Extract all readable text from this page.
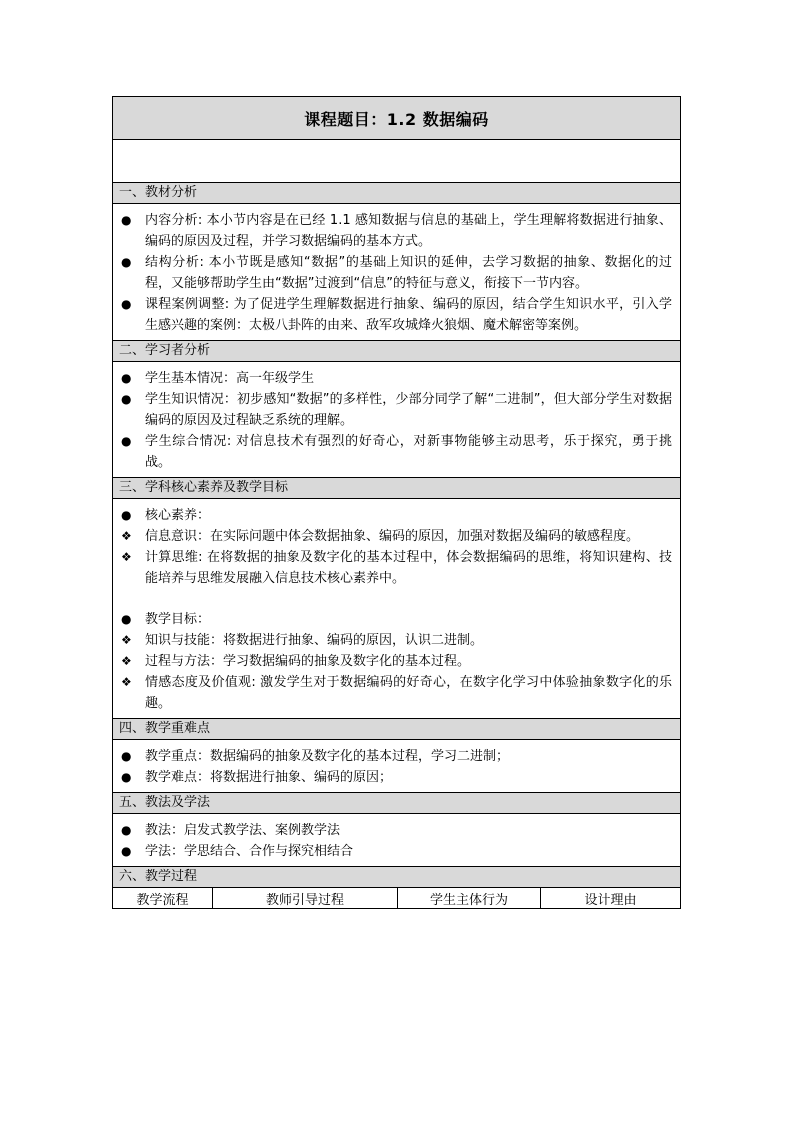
课程题目：1.2 数据编码
一、教材分析
●	内容分析: 本小节内容是在已经 1.1 感知数据与信息的基础上，学生理解将数据进行抽象、编码的原因及过程，并学习数据编码的基本方式。
●	结构分析: 本小节既是感知“数据”的基础上知识的延伸，去学习数据的抽象、数据化的过程，又能够帮助学生由“数据”过渡到“信息”的特征与意义，衔接下一节内容。
●	课程案例调整: 为了促进学生理解数据进行抽象、编码的原因，结合学生知识水平，引入学生感兴趣的案例：太极八卦阵的由来、敌军攻城烽火狼烟、魔术解密等案例。
二、学习者分析
●	学生基本情况：高一年级学生
●	学生知识情况：初步感知“数据”的多样性，少部分同学了解“二进制”，但大部分学生对数据编码的原因及过程缺乏系统的理解。
●	学生综合情况: 对信息技术有强烈的好奇心，对新事物能够主动思考，乐于探究，勇于挑战。
三、学科核心素养及教学目标
●	核心素养：
❖	信息意识：在实际问题中体会数据抽象、编码的原因，加强对数据及编码的敏感程度。
❖	计算思维: 在将数据的抽象及数字化的基本过程中，体会数据编码的思维，将知识建构、技能培养与思维发展融入信息技术核心素养中。
●	教学目标：
❖	知识与技能：将数据进行抽象、编码的原因，认识二进制。
❖	过程与方法：学习数据编码的抽象及数字化的基本过程。
❖	情感态度及价值观: 激发学生对于数据编码的好奇心，在数字化学习中体验抽象数字化的乐趣。
四、教学重难点
●	教学重点：数据编码的抽象及数字化的基本过程，学习二进制；
●	教学难点：将数据进行抽象、编码的原因；
五、教法及学法
●	教法：启发式教学法、案例教学法
●	学法：学思结合、合作与探究相结合
六、教学过程
教学流程	教师引导过程	学生主体行为	设计理由
